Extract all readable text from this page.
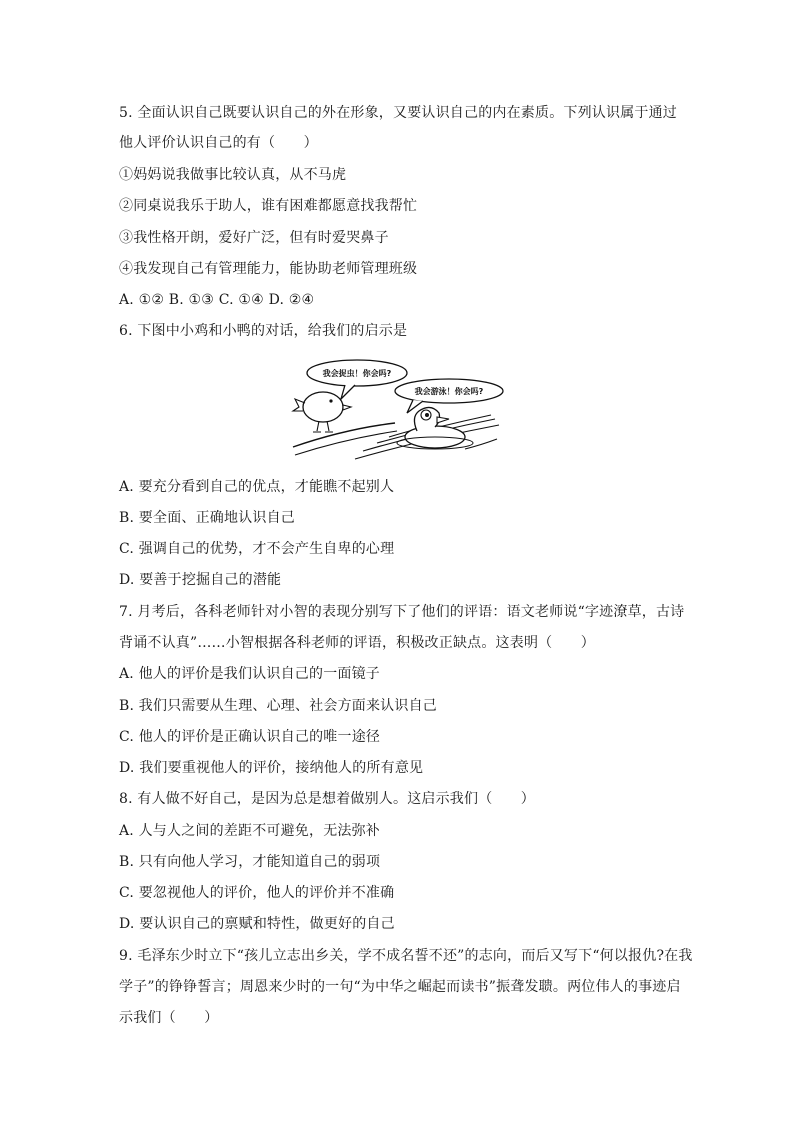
5. 全面认识自己既要认识自己的外在形象，又要认识自己的内在素质。下列认识属于通过
他人评价认识自己的有（　　）
①妈妈说我做事比较认真，从不马虎
②同桌说我乐于助人，谁有困难都愿意找我帮忙
③我性格开朗，爱好广泛，但有时爱哭鼻子
④我发现自己有管理能力，能协助老师管理班级
A. ①② B. ①③ C. ①④ D. ②④
6. 下图中小鸡和小鸭的对话，给我们的启示是
我会捉虫！你会吗?
我会游泳！你会吗?
A. 要充分看到自己的优点，才能瞧不起别人
B. 要全面、正确地认识自己
C. 强调自己的优势，才不会产生自卑的心理
D. 要善于挖掘自己的潜能
7. 月考后，各科老师针对小智的表现分别写下了他们的评语：语文老师说“字迹潦草，古诗
背诵不认真”……小智根据各科老师的评语，积极改正缺点。这表明（　　）
A. 他人的评价是我们认识自己的一面镜子
B. 我们只需要从生理、心理、社会方面来认识自己
C. 他人的评价是正确认识自己的唯一途径
D. 我们要重视他人的评价，接纳他人的所有意见
8. 有人做不好自己，是因为总是想着做别人。这启示我们（　　）
A. 人与人之间的差距不可避免，无法弥补
B. 只有向他人学习，才能知道自己的弱项
C. 要忽视他人的评价，他人的评价并不准确
D. 要认识自己的禀赋和特性，做更好的自己
9. 毛泽东少时立下“孩儿立志出乡关，学不成名誓不还”的志向，而后又写下“何以报仇?在我
学子”的铮铮誓言；周恩来少时的一句“为中华之崛起而读书”振聋发聩。两位伟人的事迹启
示我们（　　）
